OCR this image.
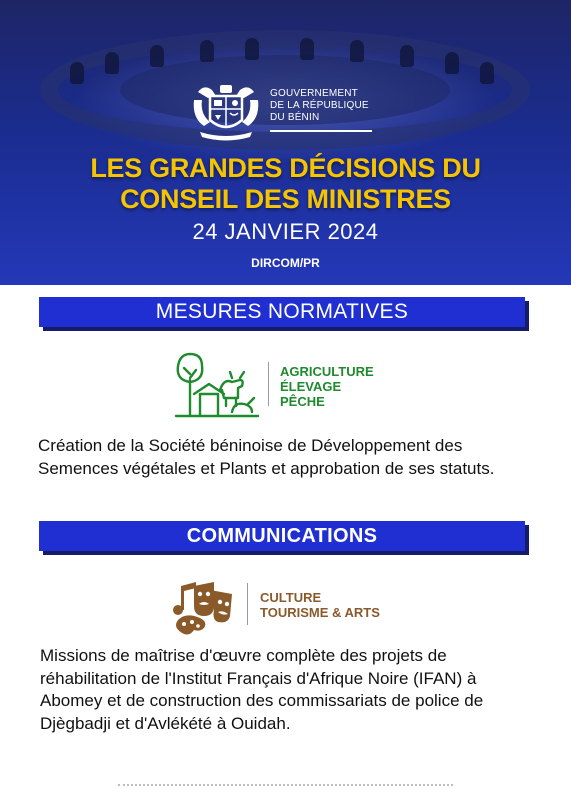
GOUVERNEMENT
DE LA RÉPUBLIQUE
DU BÉNIN
LES GRANDES DÉCISIONS DU
CONSEIL DES MINISTRES
24 JANVIER 2024
DIRCOM/PR
MESURES NORMATIVES
AGRICULTURE
ÉLEVAGE
PÊCHE
Création de la Société béninoise de Développement des Semences végétales et Plants et approbation de ses statuts.
COMMUNICATIONS
CULTURE
TOURISME & ARTS
Missions de maîtrise d'œuvre complète des projets de réhabilitation de l'Institut Français d'Afrique Noire (IFAN) à Abomey et de construction des commissariats de police de Djègbadji et d'Avlékété à Ouidah.
